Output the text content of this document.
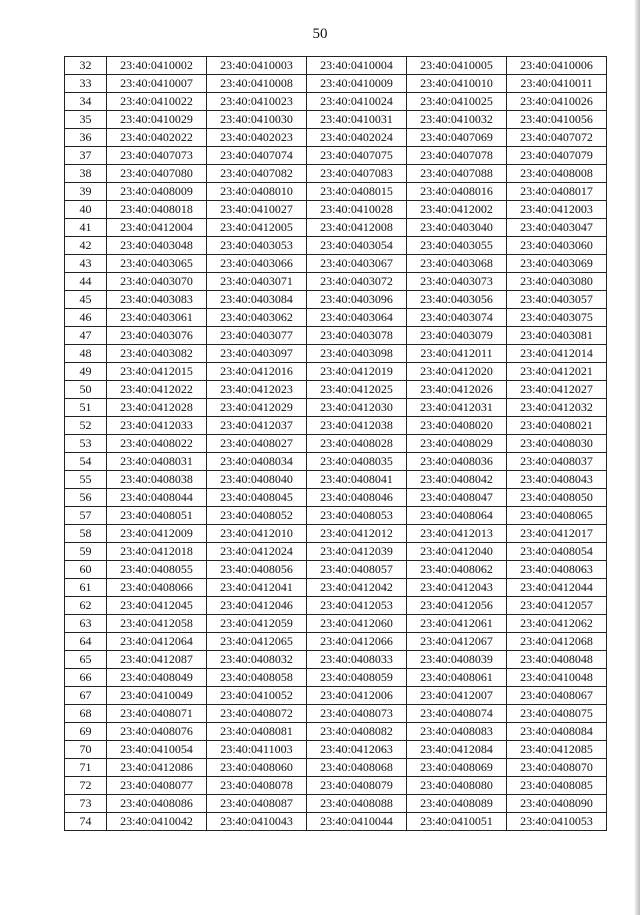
50
32	23:40:0410002	23:40:0410003	23:40:0410004	23:40:0410005	23:40:0410006
33	23:40:0410007	23:40:0410008	23:40:0410009	23:40:0410010	23:40:0410011
34	23:40:0410022	23:40:0410023	23:40:0410024	23:40:0410025	23:40:0410026
35	23:40:0410029	23:40:0410030	23:40:0410031	23:40:0410032	23:40:0410056
36	23:40:0402022	23:40:0402023	23:40:0402024	23:40:0407069	23:40:0407072
37	23:40:0407073	23:40:0407074	23:40:0407075	23:40:0407078	23:40:0407079
38	23:40:0407080	23:40:0407082	23:40:0407083	23:40:0407088	23:40:0408008
39	23:40:0408009	23:40:0408010	23:40:0408015	23:40:0408016	23:40:0408017
40	23:40:0408018	23:40:0410027	23:40:0410028	23:40:0412002	23:40:0412003
41	23:40:0412004	23:40:0412005	23:40:0412008	23:40:0403040	23:40:0403047
42	23:40:0403048	23:40:0403053	23:40:0403054	23:40:0403055	23:40:0403060
43	23:40:0403065	23:40:0403066	23:40:0403067	23:40:0403068	23:40:0403069
44	23:40:0403070	23:40:0403071	23:40:0403072	23:40:0403073	23:40:0403080
45	23:40:0403083	23:40:0403084	23:40:0403096	23:40:0403056	23:40:0403057
46	23:40:0403061	23:40:0403062	23:40:0403064	23:40:0403074	23:40:0403075
47	23:40:0403076	23:40:0403077	23:40:0403078	23:40:0403079	23:40:0403081
48	23:40:0403082	23:40:0403097	23:40:0403098	23:40:0412011	23:40:0412014
49	23:40:0412015	23:40:0412016	23:40:0412019	23:40:0412020	23:40:0412021
50	23:40:0412022	23:40:0412023	23:40:0412025	23:40:0412026	23:40:0412027
51	23:40:0412028	23:40:0412029	23:40:0412030	23:40:0412031	23:40:0412032
52	23:40:0412033	23:40:0412037	23:40:0412038	23:40:0408020	23:40:0408021
53	23:40:0408022	23:40:0408027	23:40:0408028	23:40:0408029	23:40:0408030
54	23:40:0408031	23:40:0408034	23:40:0408035	23:40:0408036	23:40:0408037
55	23:40:0408038	23:40:0408040	23:40:0408041	23:40:0408042	23:40:0408043
56	23:40:0408044	23:40:0408045	23:40:0408046	23:40:0408047	23:40:0408050
57	23:40:0408051	23:40:0408052	23:40:0408053	23:40:0408064	23:40:0408065
58	23:40:0412009	23:40:0412010	23:40:0412012	23:40:0412013	23:40:0412017
59	23:40:0412018	23:40:0412024	23:40:0412039	23:40:0412040	23:40:0408054
60	23:40:0408055	23:40:0408056	23:40:0408057	23:40:0408062	23:40:0408063
61	23:40:0408066	23:40:0412041	23:40:0412042	23:40:0412043	23:40:0412044
62	23:40:0412045	23:40:0412046	23:40:0412053	23:40:0412056	23:40:0412057
63	23:40:0412058	23:40:0412059	23:40:0412060	23:40:0412061	23:40:0412062
64	23:40:0412064	23:40:0412065	23:40:0412066	23:40:0412067	23:40:0412068
65	23:40:0412087	23:40:0408032	23:40:0408033	23:40:0408039	23:40:0408048
66	23:40:0408049	23:40:0408058	23:40:0408059	23:40:0408061	23:40:0410048
67	23:40:0410049	23:40:0410052	23:40:0412006	23:40:0412007	23:40:0408067
68	23:40:0408071	23:40:0408072	23:40:0408073	23:40:0408074	23:40:0408075
69	23:40:0408076	23:40:0408081	23:40:0408082	23:40:0408083	23:40:0408084
70	23:40:0410054	23:40:0411003	23:40:0412063	23:40:0412084	23:40:0412085
71	23:40:0412086	23:40:0408060	23:40:0408068	23:40:0408069	23:40:0408070
72	23:40:0408077	23:40:0408078	23:40:0408079	23:40:0408080	23:40:0408085
73	23:40:0408086	23:40:0408087	23:40:0408088	23:40:0408089	23:40:0408090
74	23:40:0410042	23:40:0410043	23:40:0410044	23:40:0410051	23:40:0410053
